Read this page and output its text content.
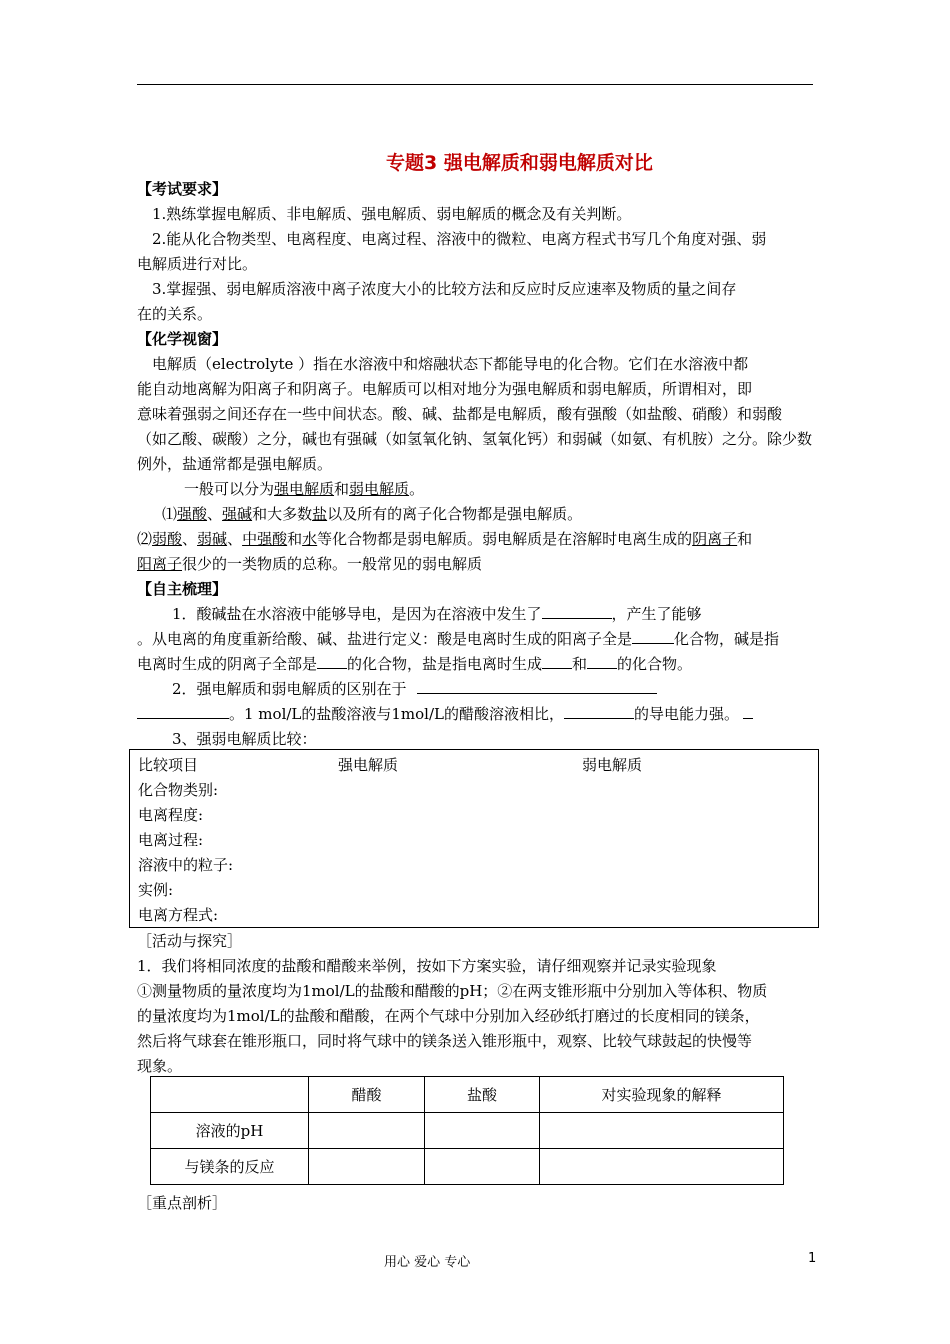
专题3 强电解质和弱电解质对比
【考试要求】
1.熟练掌握电解质、非电解质、强电解质、弱电解质的概念及有关判断。
2.能从化合物类型、电离程度、电离过程、溶液中的微粒、电离方程式书写几个角度对强、弱
电解质进行对比。
3.掌握强、弱电解质溶液中离子浓度大小的比较方法和反应时反应速率及物质的量之间存
在的关系。
【化学视窗】
电解质（electrolyte ）指在水溶液中和熔融状态下都能导电的化合物。它们在水溶液中都
能自动地离解为阳离子和阴离子。电解质可以相对地分为强电解质和弱电解质，所谓相对，即
意味着强弱之间还存在一些中间状态。酸、碱、盐都是电解质，酸有强酸（如盐酸、硝酸）和弱酸
（如乙酸、碳酸）之分，碱也有强碱（如氢氧化钠、氢氧化钙）和弱碱（如氨、有机胺）之分。除少数
例外，盐通常都是强电解质。
一般可以分为强电解质和弱电解质。
⑴强酸、强碱和大多数盐以及所有的离子化合物都是强电解质。
⑵弱酸、弱碱、中强酸和水等化合物都是弱电解质。弱电解质是在溶解时电离生成的阴离子和
阳离子很少的一类物质的总称。一般常见的弱电解质
【自主梳理】
1．酸碱盐在水溶液中能够导电，是因为在溶液中发生了	，产生了能够
。从电离的角度重新给酸、碱、盐进行定义：酸是电离时生成的阳离子全是	化合物，碱是指
电离时生成的阴离子全部是 的化合物，盐是指电离时生成 和 的化合物。
2．强电解质和弱电解质的区别在于
。1 mol/L的盐酸溶液与1mol/L的醋酸溶液相比，	的导电能力强。
3、强弱电解质比较：
比较项目	强电解质	弱电解质
化合物类别:
电离程度:
电离过程:
溶液中的粒子:
实例:
电离方程式:
［活动与探究］
1．我们将相同浓度的盐酸和醋酸来举例，按如下方案实验，请仔细观察并记录实验现象
①测量物质的量浓度均为1mol/L的盐酸和醋酸的pH；②在两支锥形瓶中分别加入等体积、物质
的量浓度均为1mol/L的盐酸和醋酸，在两个气球中分别加入经砂纸打磨过的长度相同的镁条，
然后将气球套在锥形瓶口，同时将气球中的镁条送入锥形瓶中，观察、比较气球鼓起的快慢等
现象。
	醋酸	盐酸	对实验现象的解释
溶液的pH			
与镁条的反应			
［重点剖析］
用心 爱心 专心	1
